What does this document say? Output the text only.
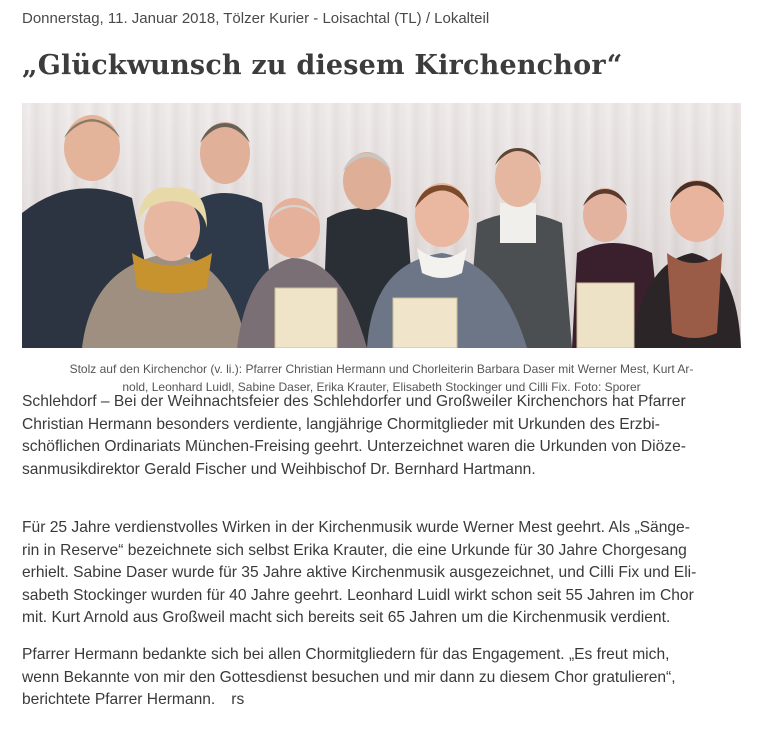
Donnerstag, 11. Januar 2018, Tölzer Kurier - Loisachtal (TL) / Lokalteil
„Glückwunsch zu diesem Kirchenchor“
Stolz auf den Kirchenchor (v. li.): Pfarrer Christian Hermann und Chorleiterin Barbara Daser mit Werner Mest, Kurt Ar-
nold, Leonhard Luidl, Sabine Daser, Erika Krauter, Elisabeth Stockinger und Cilli Fix. Foto: Sporer
Schlehdorf – Bei der Weihnachtsfeier des Schlehdorfer und Großweiler Kirchenchors hat Pfarrer
Christian Hermann besonders verdiente, langjährige Chormitglieder mit Urkunden des Erzbi-
schöflichen Ordinariats München-Freising geehrt. Unterzeichnet waren die Urkunden von Diöze-
sanmusikdirektor Gerald Fischer und Weihbischof Dr. Bernhard Hartmann.
Für 25 Jahre verdienstvolles Wirken in der Kirchenmusik wurde Werner Mest geehrt. Als „Sänge-
rin in Reserve“ bezeichnete sich selbst Erika Krauter, die eine Urkunde für 30 Jahre Chorgesang
erhielt. Sabine Daser wurde für 35 Jahre aktive Kirchenmusik ausgezeichnet, und Cilli Fix und Eli-
sabeth Stockinger wurden für 40 Jahre geehrt. Leonhard Luidl wirkt schon seit 55 Jahren im Chor
mit. Kurt Arnold aus Großweil macht sich bereits seit 65 Jahren um die Kirchenmusik verdient.
Pfarrer Hermann bedankte sich bei allen Chormitgliedern für das Engagement. „Es freut mich,
wenn Bekannte von mir den Gottesdienst besuchen und mir dann zu diesem Chor gratulieren“,
berichtete Pfarrer Hermann. rs
